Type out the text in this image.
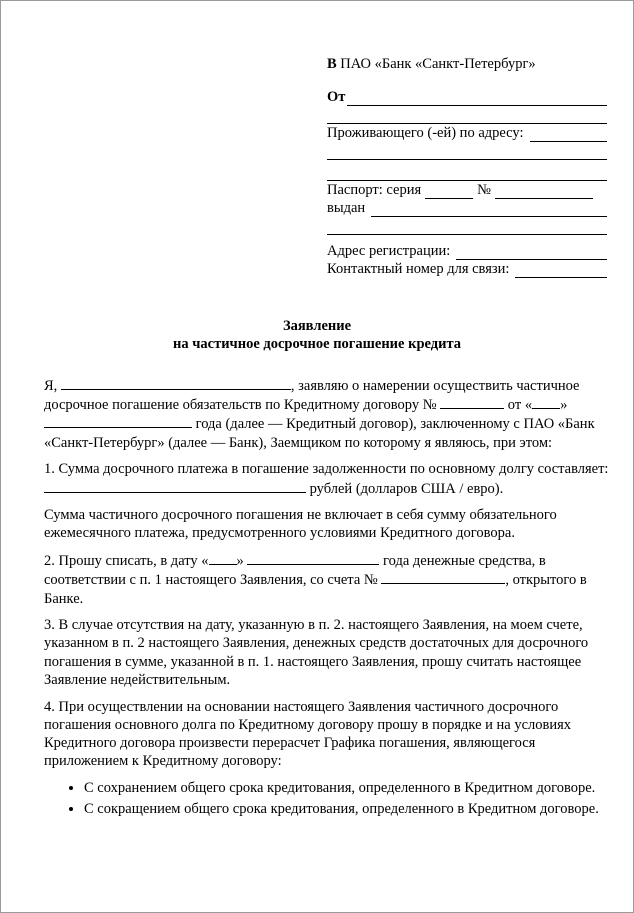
В
ПАО «Банк «Санкт-Петербург»
От
Проживающего (-ей) по адресу:
Паспорт: серия	№
выдан
Адрес регистрации:
Контактный номер для связи:
Заявление
на частичное досрочное погашение кредита

Я,	, заявляю о намерении осуществить частичное досрочное погашение обязательств по Кредитному договору №	от « »  года (далее — Кредитный договор), заключенному с ПАО «Банк «Санкт-Петербург» (далее — Банк), Заемщиком по которому я являюсь, при этом:

1. Сумма досрочного платежа в погашение задолженности по основному долгу составляет:  рублей (долларов США / евро).

Сумма частичного досрочного погашения не включает в себя сумму обязательного ежемесячного платежа, предусмотренного условиями Кредитного договора.

2. Прошу списать, в дату « »	года денежные средства, в соответствии с п. 1 настоящего Заявления, со счета №	, открытого в Банке.

3. В случае отсутствия на дату, указанную в п. 2. настоящего Заявления, на моем счете, указанном в п. 2 настоящего Заявления, денежных средств достаточных для досрочного погашения в сумме, указанной в п. 1. настоящего Заявления, прошу считать настоящее Заявление недействительным.

4. При осуществлении на основании настоящего Заявления частичного досрочного погашения основного долга по Кредитному договору прошу в порядке и на условиях Кредитного договора произвести перерасчет Графика погашения, являющегося приложением к Кредитному договору:

• С сохранением общего срока кредитования, определенного в Кредитном договоре.
• С сокращением общего срока кредитования, определенного в Кредитном договоре.
